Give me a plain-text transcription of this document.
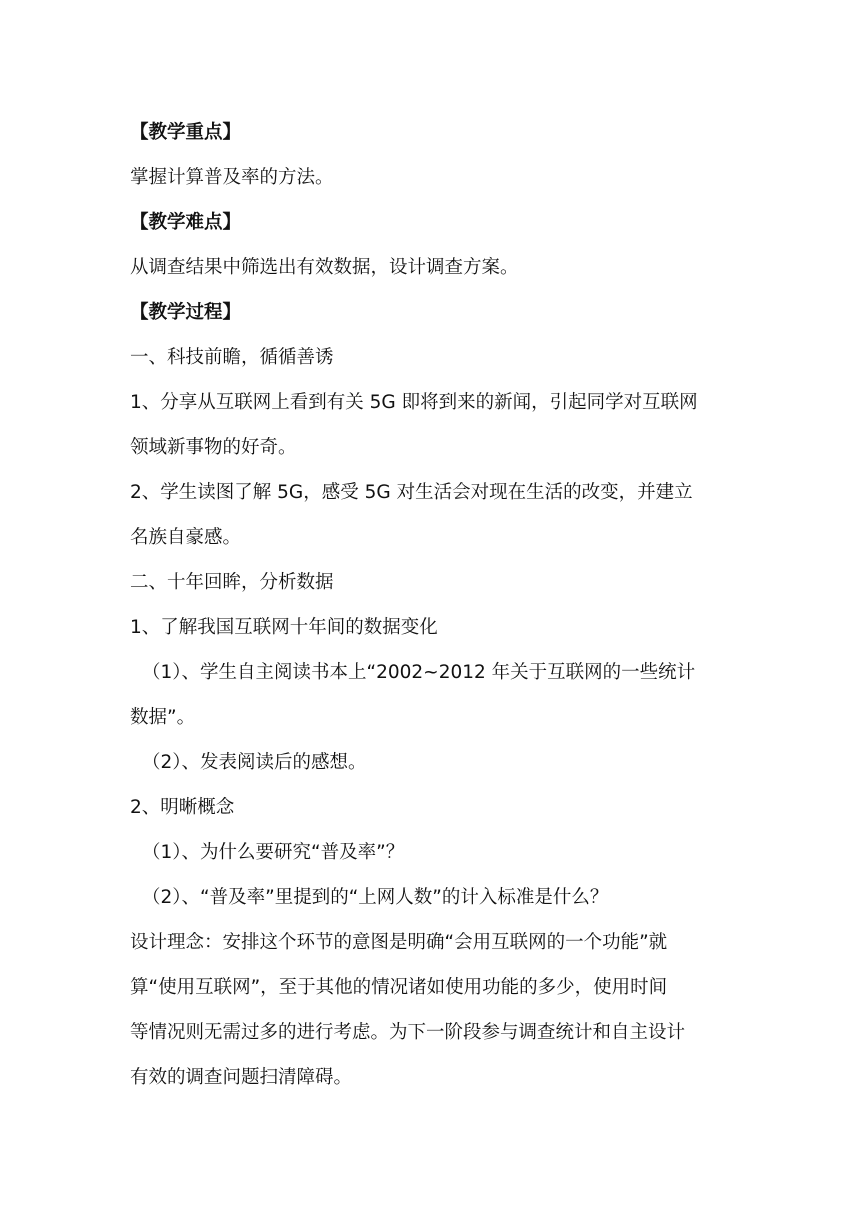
【教学重点】
掌握计算普及率的方法。
【教学难点】
从调查结果中筛选出有效数据，设计调查方案。
【教学过程】
一、科技前瞻，循循善诱
1、分享从互联网上看到有关 5G 即将到来的新闻，引起同学对互联网
领域新事物的好奇。
2、学生读图了解 5G，感受 5G 对生活会对现在生活的改变，并建立
名族自豪感。
二、十年回眸，分析数据
1、了解我国互联网十年间的数据变化
（1）、学生自主阅读书本上“2002~2012 年关于互联网的一些统计
数据”。
（2）、发表阅读后的感想。
2、明晰概念
（1）、为什么要研究“普及率”？
（2）、“普及率”里提到的“上网人数”的计入标准是什么？
设计理念：安排这个环节的意图是明确“会用互联网的一个功能”就
算“使用互联网”，至于其他的情况诸如使用功能的多少，使用时间
等情况则无需过多的进行考虑。为下一阶段参与调查统计和自主设计
有效的调查问题扫清障碍。
